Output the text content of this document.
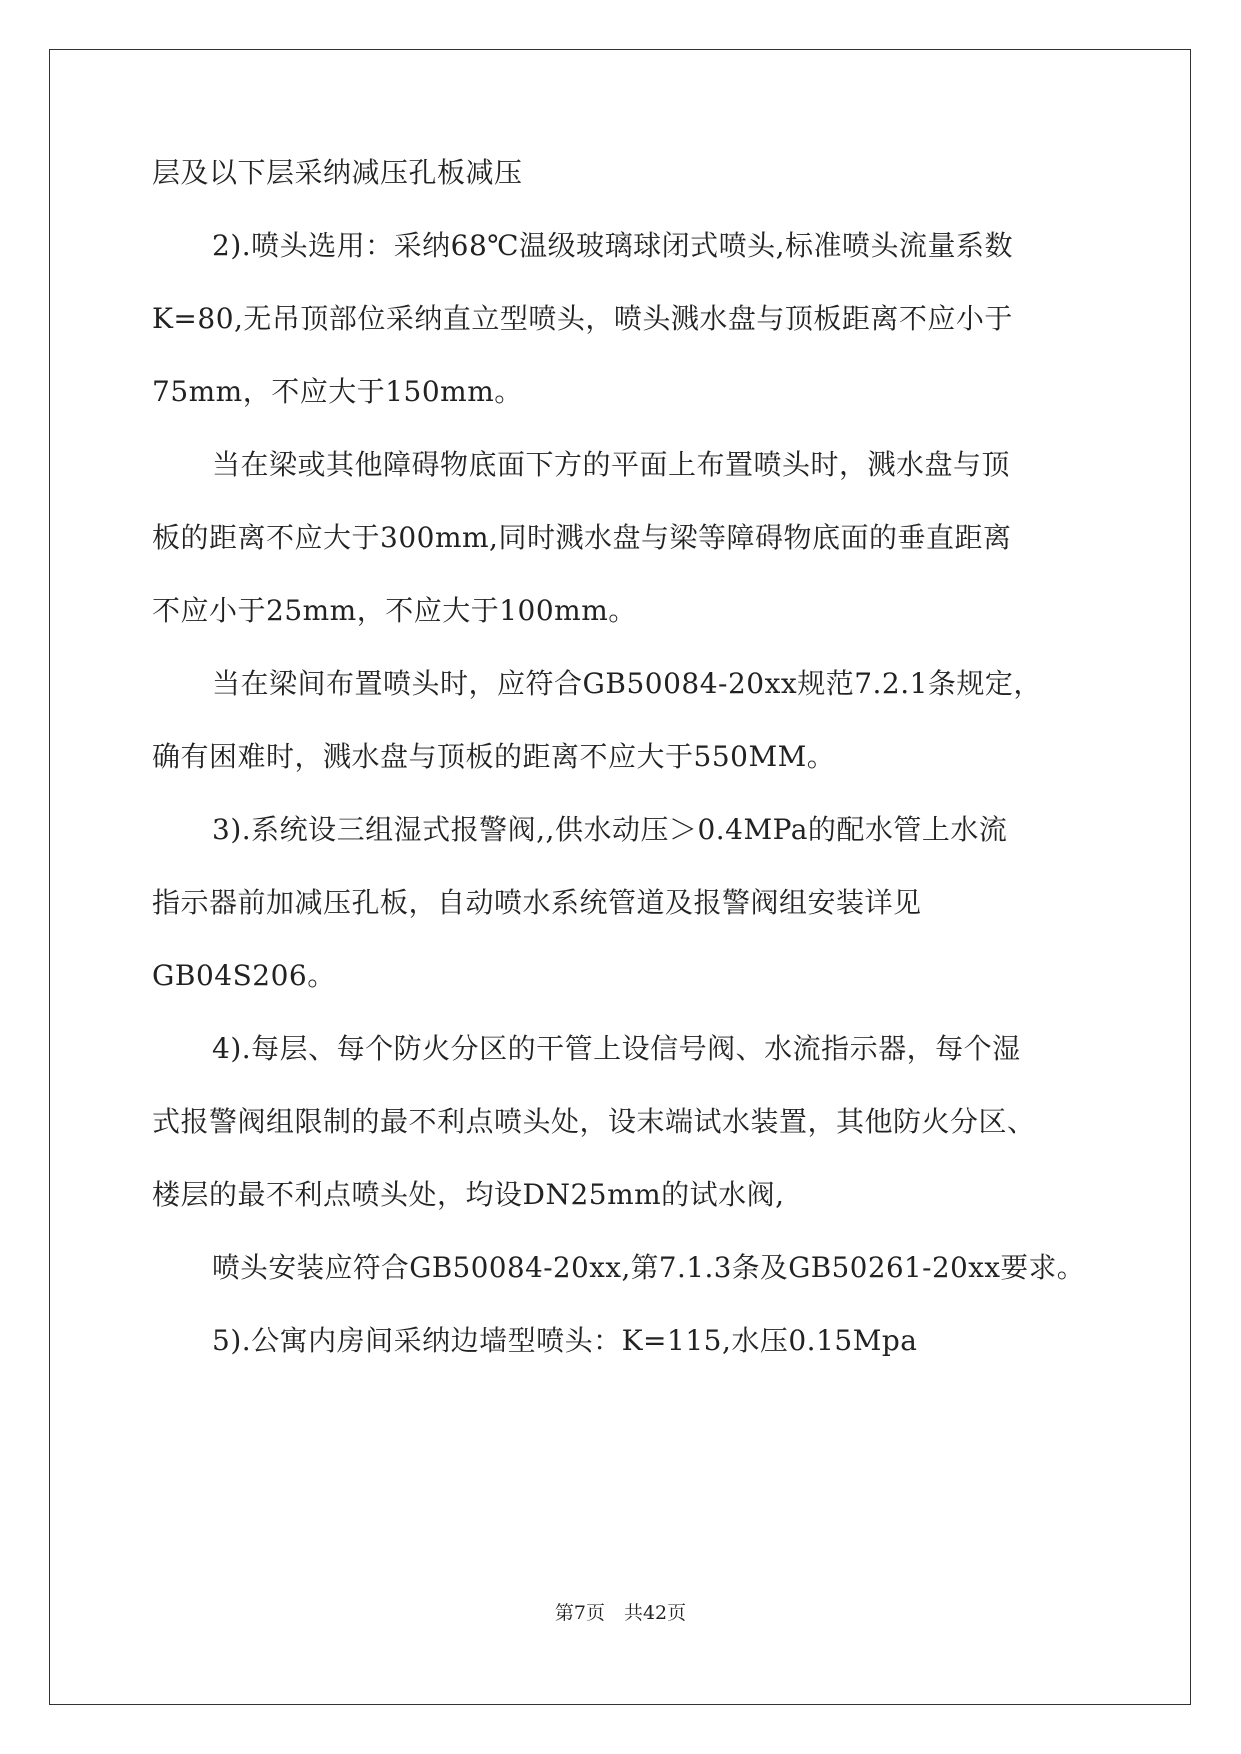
层及以下层采纳减压孔板减压
2).喷头选用：采纳68℃温级玻璃球闭式喷头,标准喷头流量系数
K=80,无吊顶部位采纳直立型喷头，喷头溅水盘与顶板距离不应小于
75mm，不应大于150mm。
当在梁或其他障碍物底面下方的平面上布置喷头时，溅水盘与顶
板的距离不应大于300mm,同时溅水盘与梁等障碍物底面的垂直距离
不应小于25mm，不应大于100mm。
当在梁间布置喷头时，应符合GB50084-20xx规范7.2.1条规定，
确有困难时，溅水盘与顶板的距离不应大于550MM。
3).系统设三组湿式报警阀,,供水动压＞0.4MPa的配水管上水流
指示器前加减压孔板，自动喷水系统管道及报警阀组安装详见
GB04S206。
4).每层、每个防火分区的干管上设信号阀、水流指示器，每个湿
式报警阀组限制的最不利点喷头处，设末端试水装置，其他防火分区、
楼层的最不利点喷头处，均设DN25mm的试水阀,
喷头安装应符合GB50084-20xx,第7.1.3条及GB50261-20xx要求。
5).公寓内房间采纳边墙型喷头：K=115,水压0.15Mpa
第7页　共42页
